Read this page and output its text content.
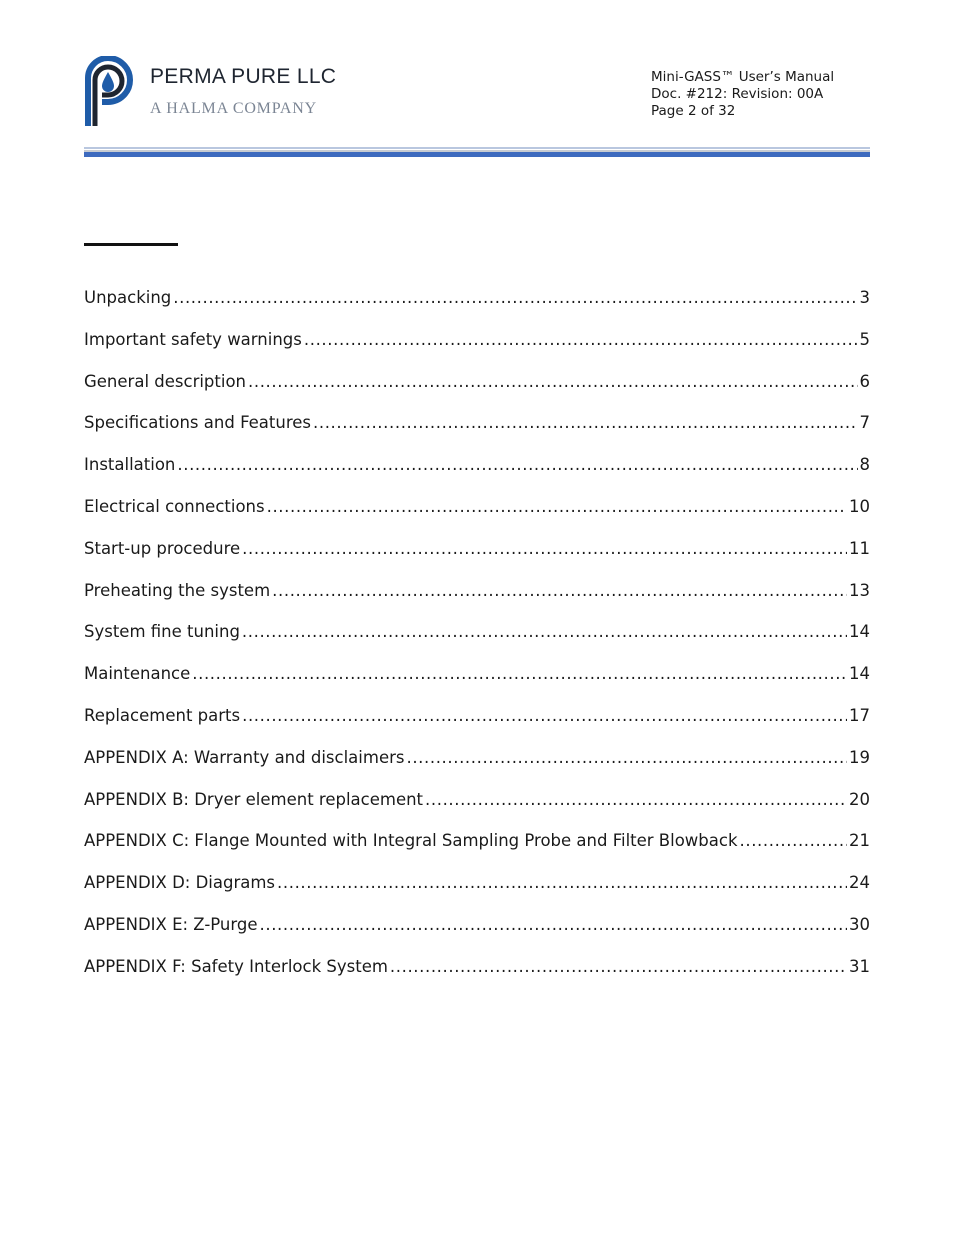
PERMA PURE LLC
A HALMA COMPANY
Mini-GASS™ User’s Manual
Doc. #212: Revision: 00A
Page 2 of 32
Unpacking .....	3
Important safety warnings .....	5
General description .....	6
Specifications and Features .....	7
Installation .....	8
Electrical connections .....	10
Start-up procedure .....	11
Preheating the system .....	13
System fine tuning .....	14
Maintenance .....	14
Replacement parts .....	17
APPENDIX A: Warranty and disclaimers .....	19
APPENDIX B: Dryer element replacement .....	20
APPENDIX C: Flange Mounted with Integral Sampling Probe and Filter Blowback .....	21
APPENDIX D: Diagrams .....	24
APPENDIX E: Z-Purge .....	30
APPENDIX F: Safety Interlock System .....	31
